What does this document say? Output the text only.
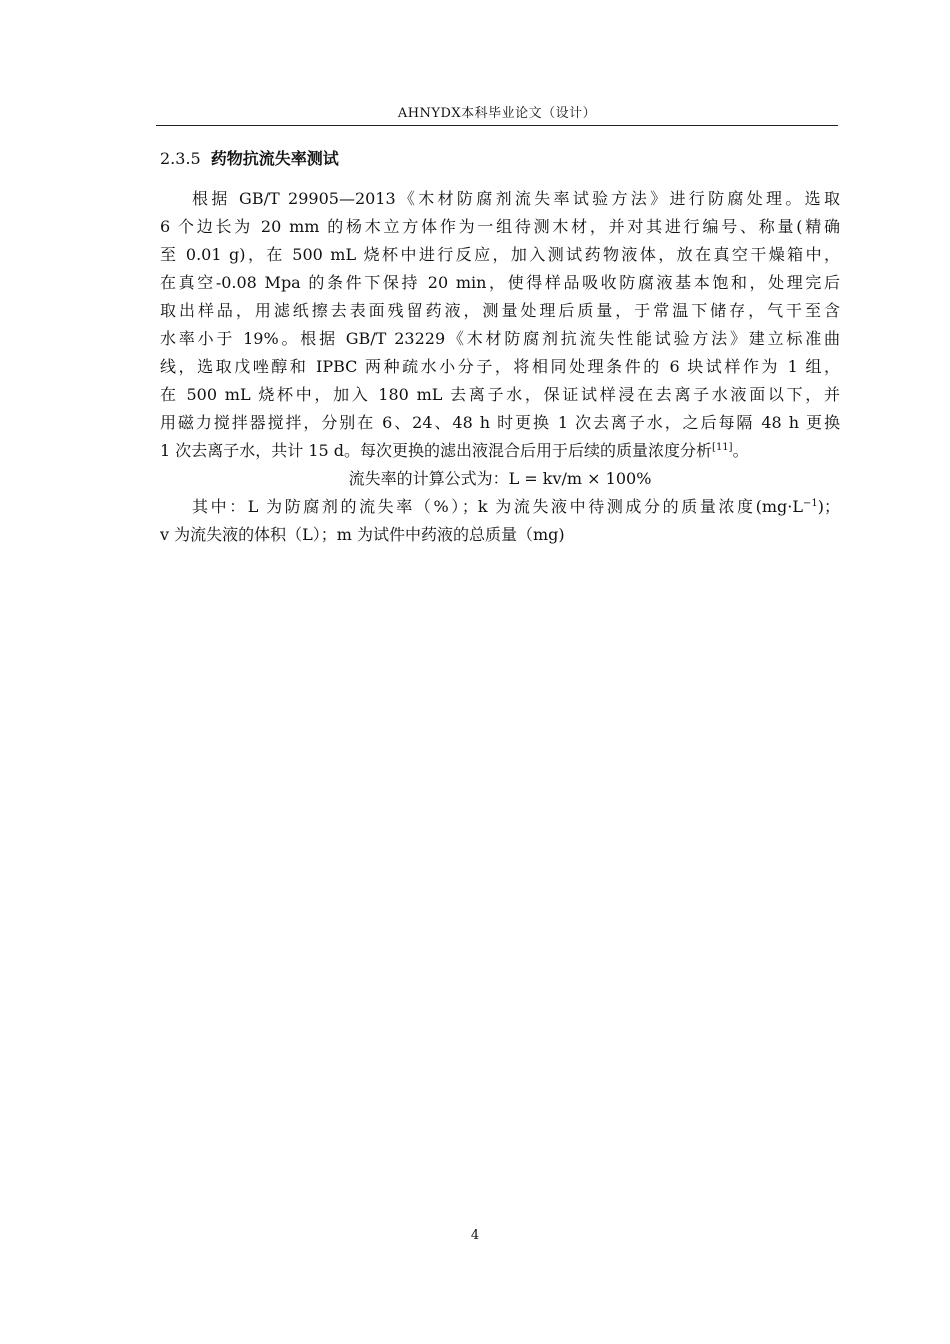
AHNYDX本科毕业论文（设计）
2.3.5 药物抗流失率测试
根据 GB/T 29905—2013《木材防腐剂流失率试验方法》进行防腐处理。选取
6 个边长为 20 mm 的杨木立方体作为一组待测木材，并对其进行编号、称量(精确
至 0.01 g)，在 500 mL 烧杯中进行反应，加入测试药物液体，放在真空干燥箱中，
在真空-0.08 Mpa 的条件下保持 20 min，使得样品吸收防腐液基本饱和，处理完后
取出样品，用滤纸擦去表面残留药液，测量处理后质量，于常温下储存，气干至含
水率小于 19%。根据 GB/T 23229《木材防腐剂抗流失性能试验方法》建立标准曲
线，选取戊唑醇和 IPBC 两种疏水小分子，将相同处理条件的 6 块试样作为 1 组，
在 500 mL 烧杯中，加入 180 mL 去离子水，保证试样浸在去离子水液面以下，并
用磁力搅拌器搅拌，分别在 6、24、48 h 时更换 1 次去离子水，之后每隔 48 h 更换
1 次去离子水，共计 15 d。每次更换的滤出液混合后用于后续的质量浓度分析[11]。
流失率的计算公式为：L = kv/m × 100%
其中：L 为防腐剂的流失率（%）；k 为流失液中待测成分的质量浓度$(mg\cdot L^{-1})$；
v 为流失液的体积（L）；m 为试件中药液的总质量（mg)
4
